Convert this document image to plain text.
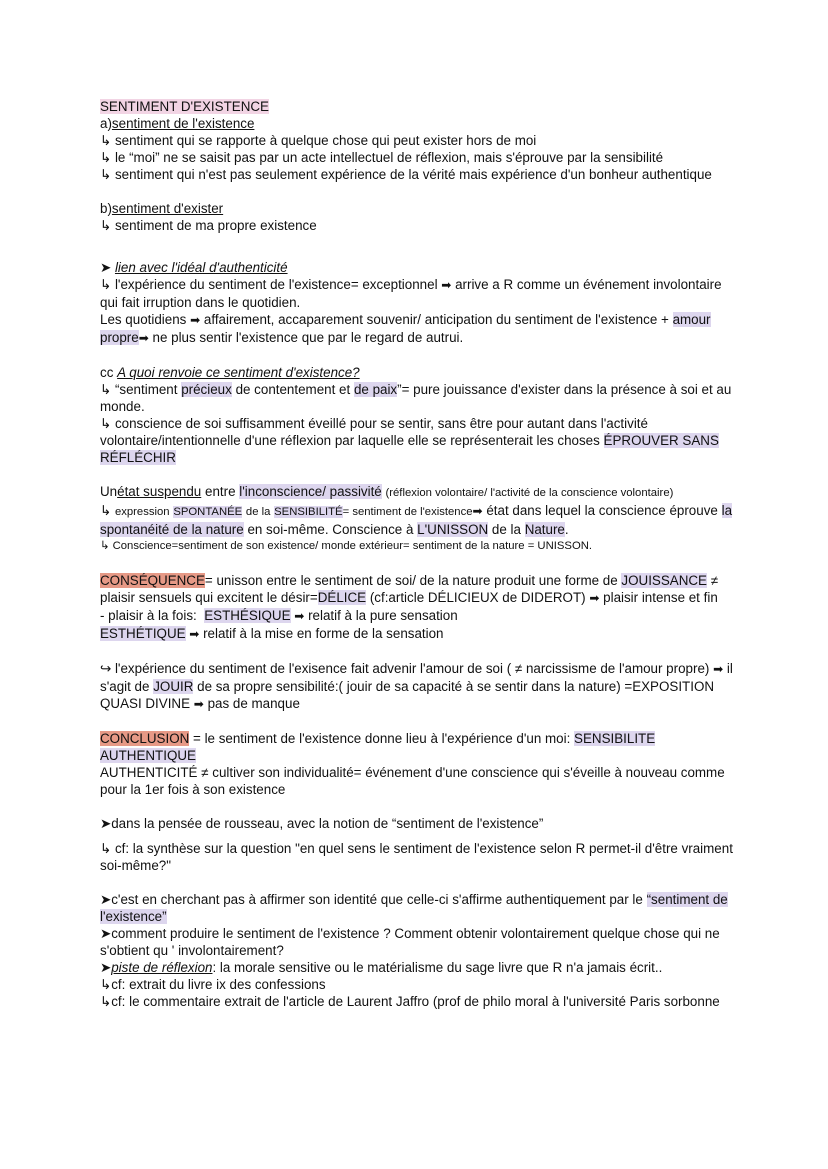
SENTIMENT D'EXISTENCE

a)sentiment de l'existence

↳ sentiment qui se rapporte à quelque chose qui peut exister hors de moi

↳ le “moi” ne se saisit pas par un acte intellectuel de réflexion, mais s'éprouve par la sensibilité

↳ sentiment qui n'est pas seulement expérience de la vérité mais expérience d'un bonheur authentique

b)sentiment d'exister

↳ sentiment de ma propre existence

➤ lien avec l'idéal d'authenticité

↳ l'expérience du sentiment de l'existence= exceptionnel ➡ arrive a R comme un événement involontaire qui fait irruption dans le quotidien.

Les quotidiens ➡ affairement, accaparement souvenir/ anticipation du sentiment de l'existence + amour propre➡ ne plus sentir l'existence que par le regard de autrui.

cc A quoi renvoie ce sentiment d'existence?

↳ “sentiment précieux de contentement et de paix”= pure jouissance d'exister dans la présence à soi et au monde.

↳ conscience de soi suffisamment éveillé pour se sentir, sans être pour autant dans l'activité volontaire/intentionnelle d'une réflexion par laquelle elle se représenterait les choses ÉPROUVER SANS RÉFLÉCHIR

Unétat suspendu entre l'inconscience/ passivité (réflexion volontaire/ l'activité de la conscience volontaire)

↳ expression SPONTANÉE de la SENSIBILITÉ= sentiment de l'existence➡ état dans lequel la conscience éprouve la spontanéité de la nature en soi-même. Conscience à L'UNISSON de la Nature.

↳ Conscience=sentiment de son existence/ monde extérieur= sentiment de la nature = UNISSON.

CONSÉQUENCE= unisson entre le sentiment de soi/ de la nature produit une forme de JOUISSANCE ≠ plaisir sensuels qui excitent le désir=DÉLICE (cf:article DÉLICIEUX de DIDEROT) ➡ plaisir intense et fin

- plaisir à la fois: ESTHÉSIQUE ➡ relatif à la pure sensation

ESTHÉTIQUE ➡ relatif à la mise en forme de la sensation

↪ l'expérience du sentiment de l'exisence fait advenir l'amour de soi ( ≠ narcissisme de l'amour propre) ➡ il s'agit de JOUIR de sa propre sensibilité:( jouir de sa capacité à se sentir dans la nature) =EXPOSITION QUASI DIVINE ➡ pas de manque

CONCLUSION = le sentiment de l'existence donne lieu à l'expérience d'un moi: SENSIBILITE AUTHENTIQUE

AUTHENTICITÉ ≠ cultiver son individualité= événement d'une conscience qui s'éveille à nouveau comme pour la 1er fois à son existence

➤dans la pensée de rousseau, avec la notion de “sentiment de l'existence”

↳ cf: la synthèse sur la question "en quel sens le sentiment de l'existence selon R permet-il d'être vraiment soi-même?"

➤c'est en cherchant pas à affirmer son identité que celle-ci s'affirme authentiquement par le “sentiment de l'existence”

➤comment produire le sentiment de l'existence ? Comment obtenir volontairement quelque chose qui ne s'obtient qu ' involontairement?

➤piste de réflexion: la morale sensitive ou le matérialisme du sage livre que R n'a jamais écrit..

↳cf: extrait du livre ix des confessions

↳cf: le commentaire extrait de l'article de Laurent Jaffro (prof de philo moral à l'université Paris sorbonne
